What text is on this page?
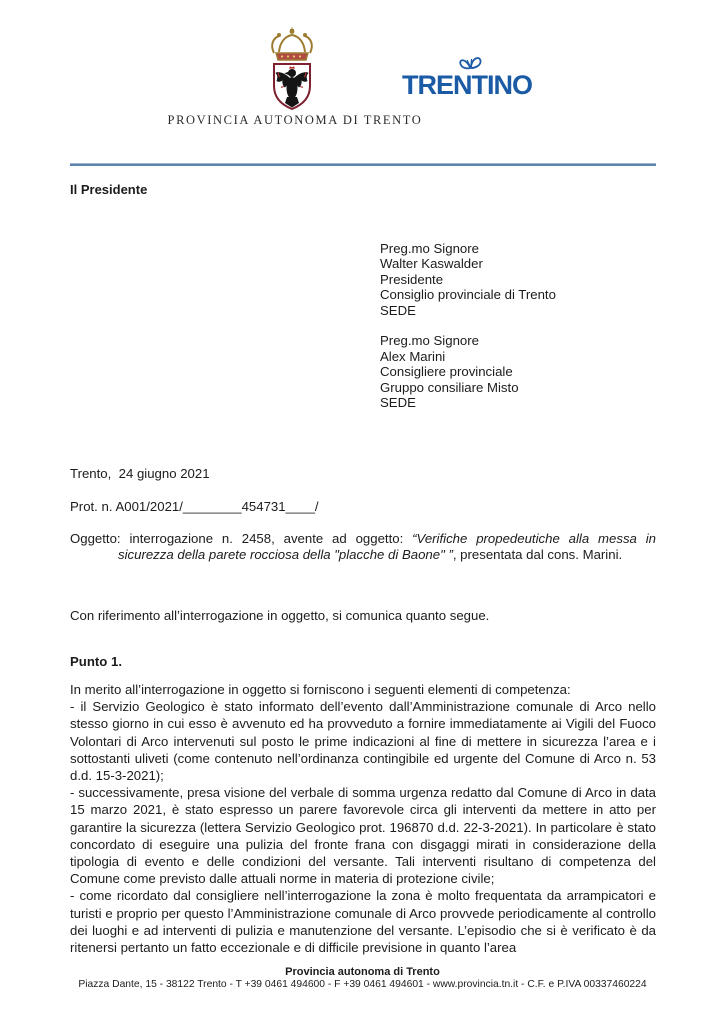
TRENTINO
PROVINCIA AUTONOMA DI TRENTO
Il Presidente
Preg.mo Signore
Walter Kaswalder
Presidente
Consiglio provinciale di Trento
SEDE
Preg.mo Signore
Alex Marini
Consigliere provinciale
Gruppo consiliare Misto
SEDE
Trento,  24 giugno 2021
Prot. n. A001/2021/________454731____/
Oggetto: interrogazione n. 2458, avente ad oggetto: “Verifiche propedeutiche alla messa in sicurezza della parete rocciosa della "placche di Baone" ”, presentata dal cons. Marini.
Con riferimento all’interrogazione in oggetto, si comunica quanto segue.
Punto 1.

In merito all’interrogazione in oggetto si forniscono i seguenti elementi di competenza:

- il Servizio Geologico è stato informato dell’evento dall’Amministrazione comunale di Arco nello stesso giorno in cui esso è avvenuto ed ha provveduto a fornire immediatamente ai Vigili del Fuoco Volontari di Arco intervenuti sul posto le prime indicazioni al fine di mettere in sicurezza l’area e i sottostanti uliveti (come contenuto nell’ordinanza contingibile ed urgente del Comune di Arco n. 53 d.d. 15-3-2021);

- successivamente, presa visione del verbale di somma urgenza redatto dal Comune di Arco in data 15 marzo 2021, è stato espresso un parere favorevole circa gli interventi da mettere in atto per garantire la sicurezza (lettera Servizio Geologico prot. 196870 d.d. 22-3-2021). In particolare è stato concordato di eseguire una pulizia del fronte frana con disgaggi mirati in considerazione della tipologia di evento e delle condizioni del versante. Tali interventi risultano di competenza del Comune come previsto dalle attuali norme in materia di protezione civile;

- come ricordato dal consigliere nell’interrogazione la zona è molto frequentata da arrampicatori e turisti e proprio per questo l’Amministrazione comunale di Arco provvede periodicamente al controllo dei luoghi e ad interventi di pulizia e manutenzione del versante. L’episodio che si è verificato è da ritenersi pertanto un fatto eccezionale e di difficile previsione in quanto l’area

Provincia autonoma di Trento
Piazza Dante, 15 - 38122 Trento - T +39 0461 494600 - F +39 0461 494601 - www.provincia.tn.it - C.F. e P.IVA 00337460224
